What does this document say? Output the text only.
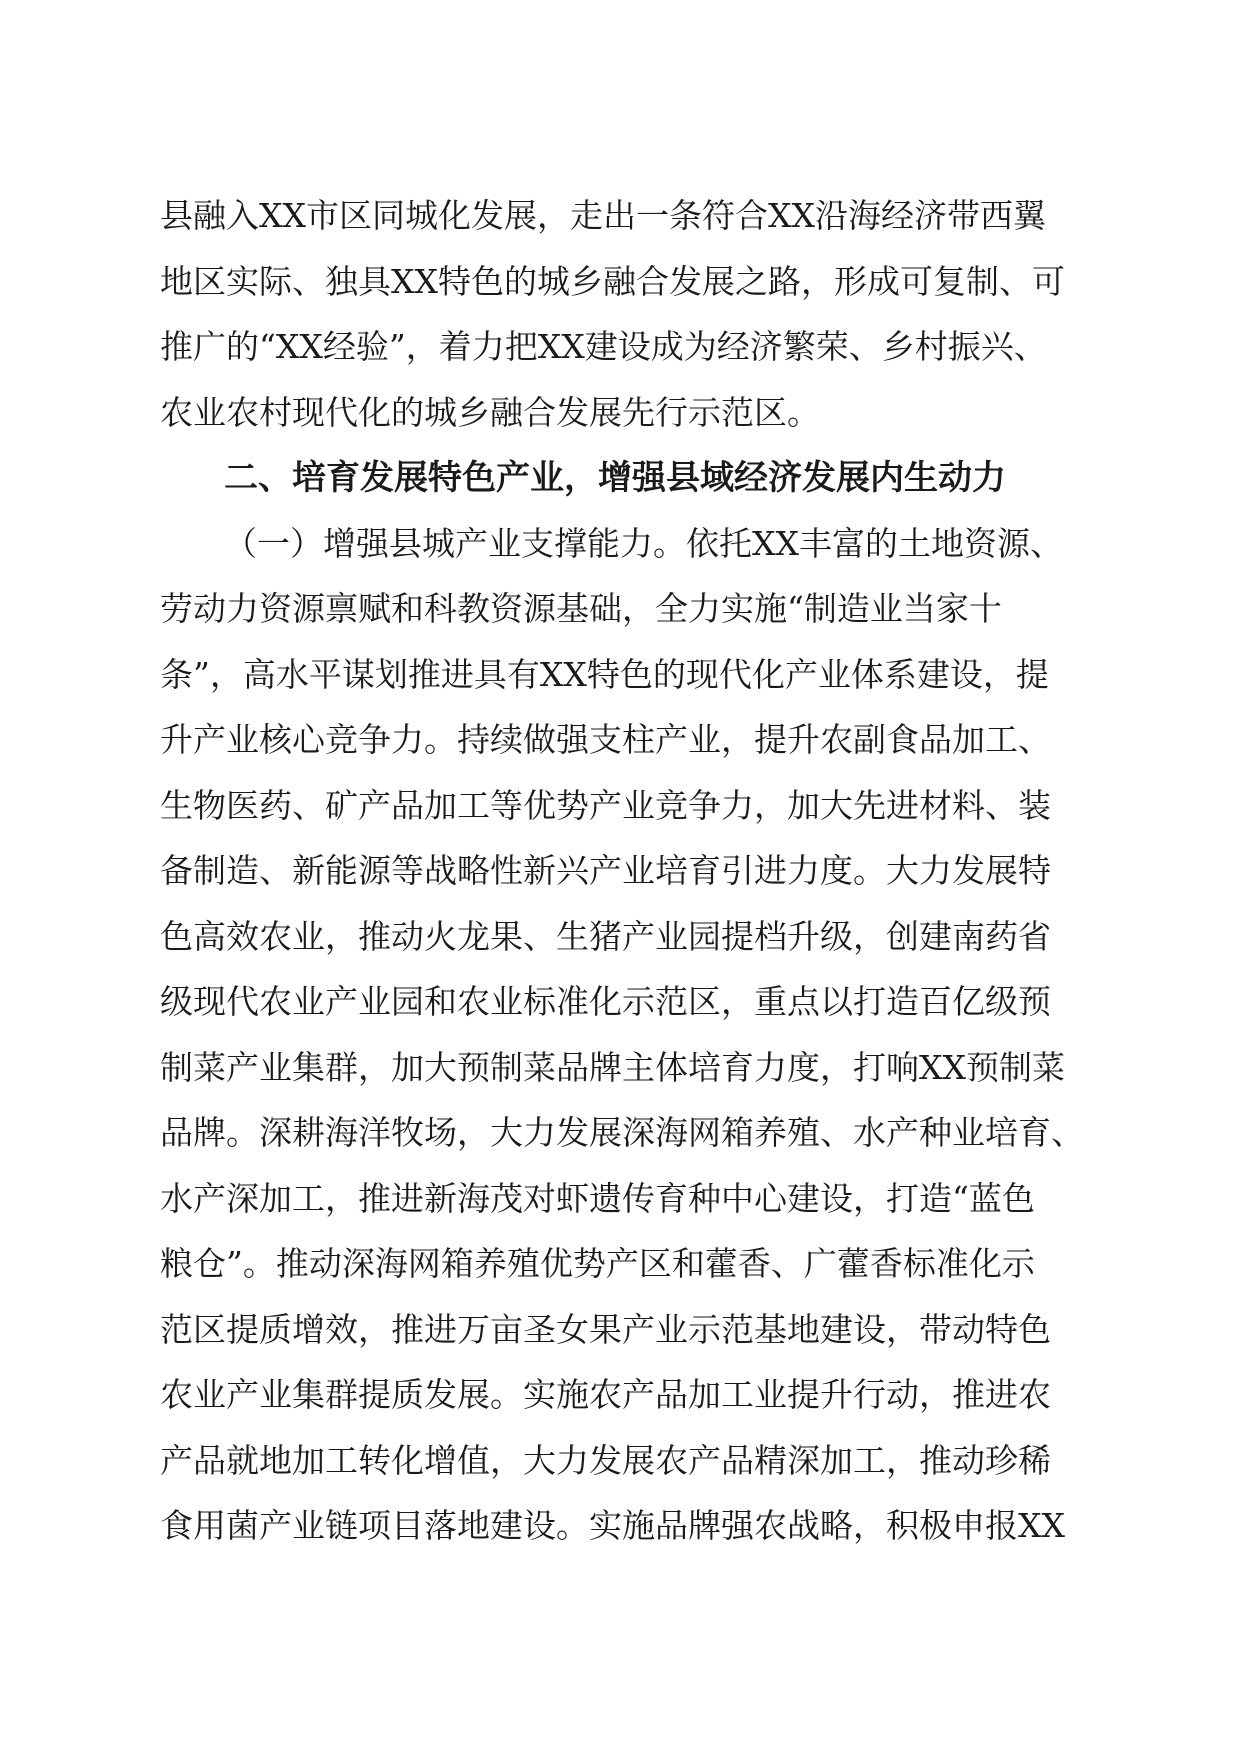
县融入XX市区同城化发展，走出一条符合XX沿海经济带西翼
地区实际、独具XX特色的城乡融合发展之路，形成可复制、可
推广的“XX经验”，着力把XX建设成为经济繁荣、乡村振兴、
农业农村现代化的城乡融合发展先行示范区。
二、培育发展特色产业，增强县域经济发展内生动力
（一）增强县城产业支撑能力。依托XX丰富的土地资源、
劳动力资源禀赋和科教资源基础，全力实施“制造业当家十
条”，高水平谋划推进具有XX特色的现代化产业体系建设，提
升产业核心竞争力。持续做强支柱产业，提升农副食品加工、
生物医药、矿产品加工等优势产业竞争力，加大先进材料、装
备制造、新能源等战略性新兴产业培育引进力度。大力发展特
色高效农业，推动火龙果、生猪产业园提档升级，创建南药省
级现代农业产业园和农业标准化示范区，重点以打造百亿级预
制菜产业集群，加大预制菜品牌主体培育力度，打响XX预制菜
品牌。深耕海洋牧场，大力发展深海网箱养殖、水产种业培育、
水产深加工，推进新海茂对虾遗传育种中心建设，打造“蓝色
粮仓”。推动深海网箱养殖优势产区和藿香、广藿香标准化示
范区提质增效，推进万亩圣女果产业示范基地建设，带动特色
农业产业集群提质发展。实施农产品加工业提升行动，推进农
产品就地加工转化增值，大力发展农产品精深加工，推动珍稀
食用菌产业链项目落地建设。实施品牌强农战略，积极申报XX
